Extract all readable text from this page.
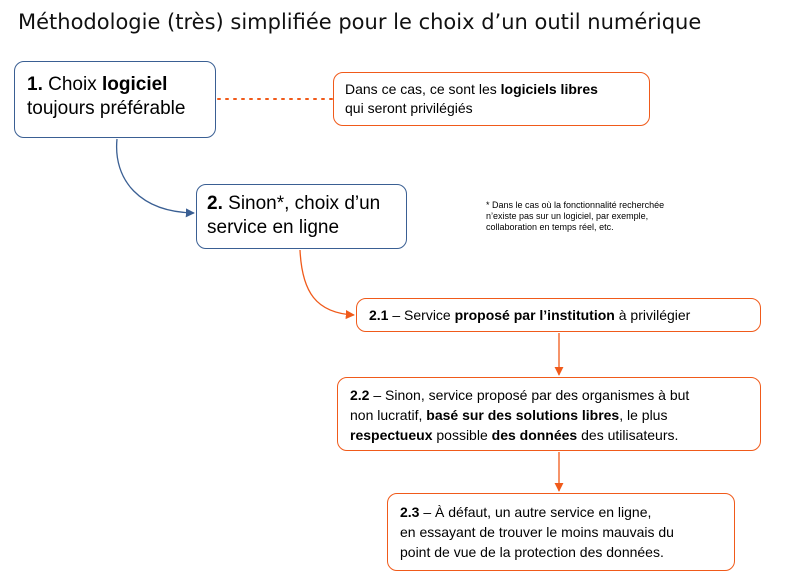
Méthodologie (très) simplifiée pour le choix d’un outil numérique
1. Choix logiciel
toujours préférable
Dans ce cas, ce sont les logiciels libres
qui seront privilégiés
2. Sinon*, choix d’un
service en ligne
* Dans le cas où la fonctionnalité recherchée
n’existe pas sur un logiciel, par exemple,
collaboration en temps réel, etc.
2.1 – Service proposé par l’institution à privilégier
2.2 – Sinon, service proposé par des organismes à but
non lucratif, basé sur des solutions libres, le plus
respectueux possible des données des utilisateurs.
2.3 – À défaut, un autre service en ligne,
en essayant de trouver le moins mauvais du
point de vue de la protection des données.
